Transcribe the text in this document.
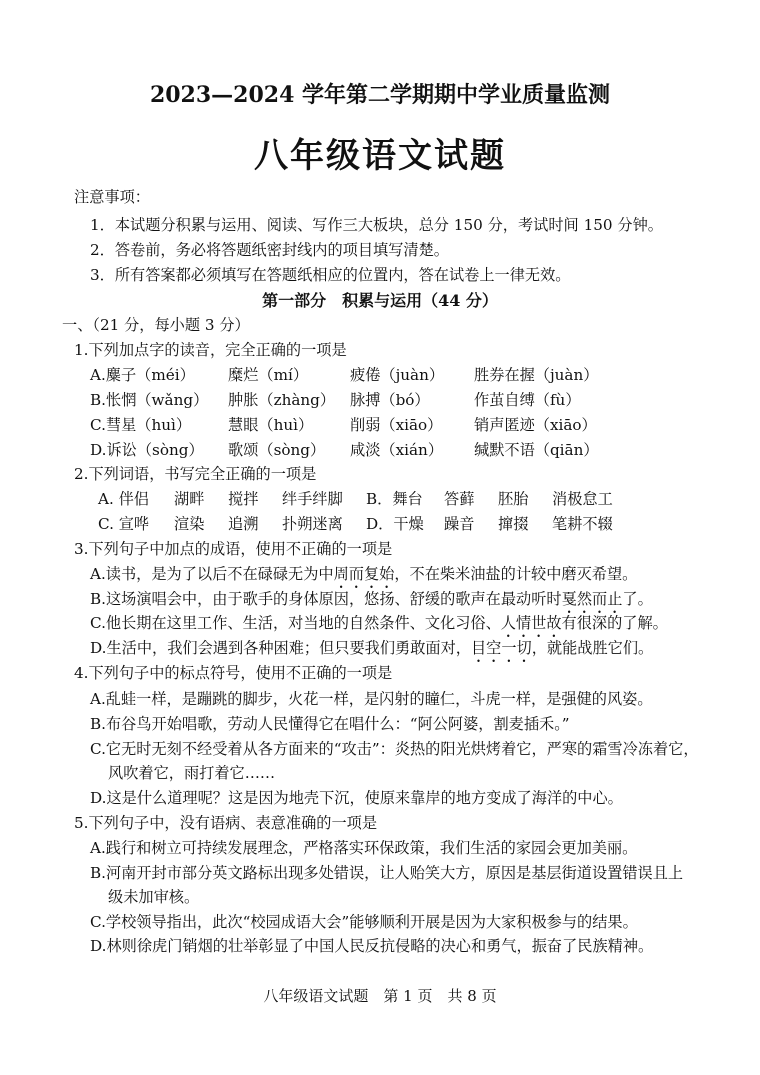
2023—2024 学年第二学期期中学业质量监测
八年级语文试题
注意事项：
1．本试题分积累与运用、阅读、写作三大板块，总分 150 分，考试时间 150 分钟。
2．答卷前，务必将答题纸密封线内的项目填写清楚。
3．所有答案都必须填写在答题纸相应的位置内，答在试卷上一律无效。
第一部分　积累与运用（44 分）
一、（21 分，每小题 3 分）
1.下列加点字的读音，完全正确的一项是
A.麋子（méi） 糜烂（mí）	疲倦（juàn） 胜券在握（juàn）
B.怅惘（wǎng） 肿胀（zhàng） 脉搏（bó）	作茧自缚（fù）
C.彗星（huì） 慧眼（huì） 削弱（xiāo） 销声匿迹（xiāo）
D.诉讼（sòng） 歌颂（sòng） 咸淡（xián） 缄默不语（qiān）
2.下列词语，书写完全正确的一项是
A. 伴侣 湖畔 搅拌 绊手绊脚 B．舞台 答藓 胚胎 消极怠工
C. 宣哗 渲染 追溯 扑朔迷离 D．干燥 躁音 撺掇 笔耕不辍
3.下列句子中加点的成语，使用不正确的一项是
A.读书，是为了以后不在碌碌无为中周而复始，不在柴米油盐的计较中磨灭希望。
B.这场演唱会中，由于歌手的身体原因，悠扬、舒缓的歌声在最动听时戛然而止了。
C.他长期在这里工作、生活，对当地的自然条件、文化习俗、人情世故有很深的了解。
D.生活中，我们会遇到各种困难；但只要我们勇敢面对，目空一切，就能战胜它们。
4.下列句子中的标点符号，使用不正确的一项是
A.乱蛙一样，是蹦跳的脚步，火花一样，是闪射的瞳仁，斗虎一样，是强健的风姿。
B.布谷鸟开始唱歌，劳动人民懂得它在唱什么：“阿公阿婆，割麦插禾。”
C.它无时无刻不经受着从各方面来的“攻击”：炎热的阳光烘烤着它，严寒的霜雪冷冻着它，
风吹着它，雨打着它……
D.这是什么道理呢？这是因为地壳下沉，使原来靠岸的地方变成了海洋的中心。
5.下列句子中，没有语病、表意准确的一项是
A.践行和树立可持续发展理念，严格落实环保政策，我们生活的家园会更加美丽。
B.河南开封市部分英文路标出现多处错误，让人贻笑大方，原因是基层街道设置错误且上
级未加审核。
C.学校领导指出，此次“校园成语大会”能够顺利开展是因为大家积极参与的结果。
D.林则徐虎门销烟的壮举彰显了中国人民反抗侵略的决心和勇气，振奋了民族精神。
八年级语文试题　第 1 页　共 8 页
